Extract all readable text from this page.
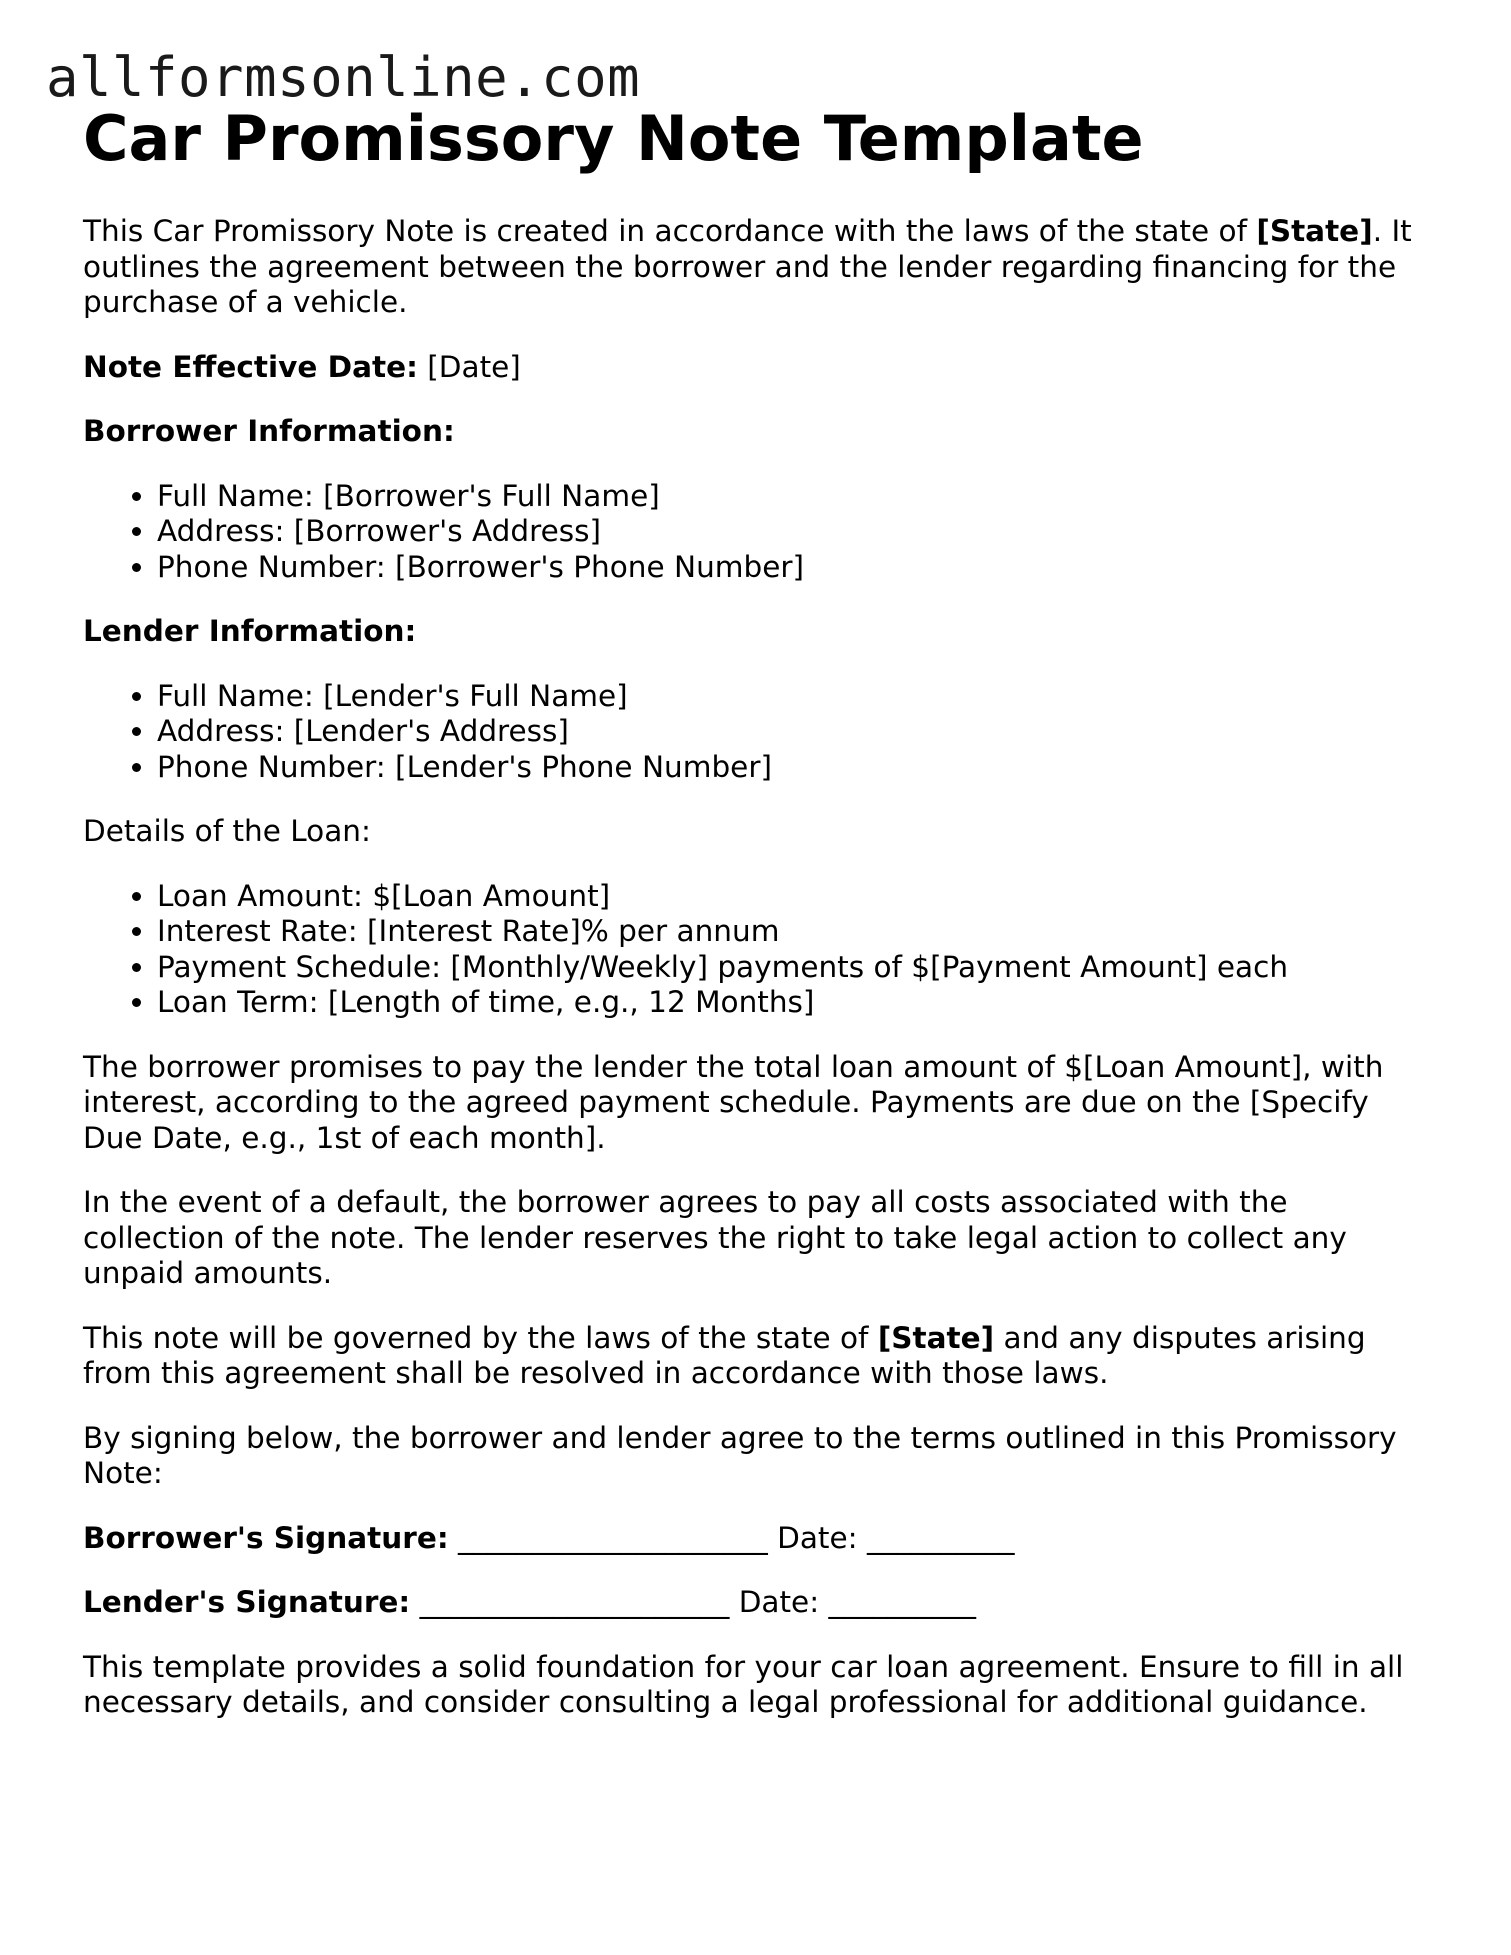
allformsonline.com
Car Promissory Note Template

This Car Promissory Note is created in accordance with the laws of the state of [State]. It outlines the agreement between the borrower and the lender regarding financing for the purchase of a vehicle.

Note Effective Date: [Date]

Borrower Information:

• Full Name: [Borrower's Full Name]
• Address: [Borrower's Address]
• Phone Number: [Borrower's Phone Number]

Lender Information:

• Full Name: [Lender's Full Name]
• Address: [Lender's Address]
• Phone Number: [Lender's Phone Number]

Details of the Loan:

• Loan Amount: $[Loan Amount]
• Interest Rate: [Interest Rate]% per annum
• Payment Schedule: [Monthly/Weekly] payments of $[Payment Amount] each
• Loan Term: [Length of time, e.g., 12 Months]

The borrower promises to pay the lender the total loan amount of $[Loan Amount], with interest, according to the agreed payment schedule. Payments are due on the [Specify Due Date, e.g., 1st of each month].

In the event of a default, the borrower agrees to pay all costs associated with the collection of the note. The lender reserves the right to take legal action to collect any unpaid amounts.

This note will be governed by the laws of the state of [State] and any disputes arising from this agreement shall be resolved in accordance with those laws.

By signing below, the borrower and lender agree to the terms outlined in this Promissory Note:

Borrower's Signature: _____________________ Date: __________

Lender's Signature: _____________________ Date: __________

This template provides a solid foundation for your car loan agreement. Ensure to fill in all necessary details, and consider consulting a legal professional for additional guidance.
